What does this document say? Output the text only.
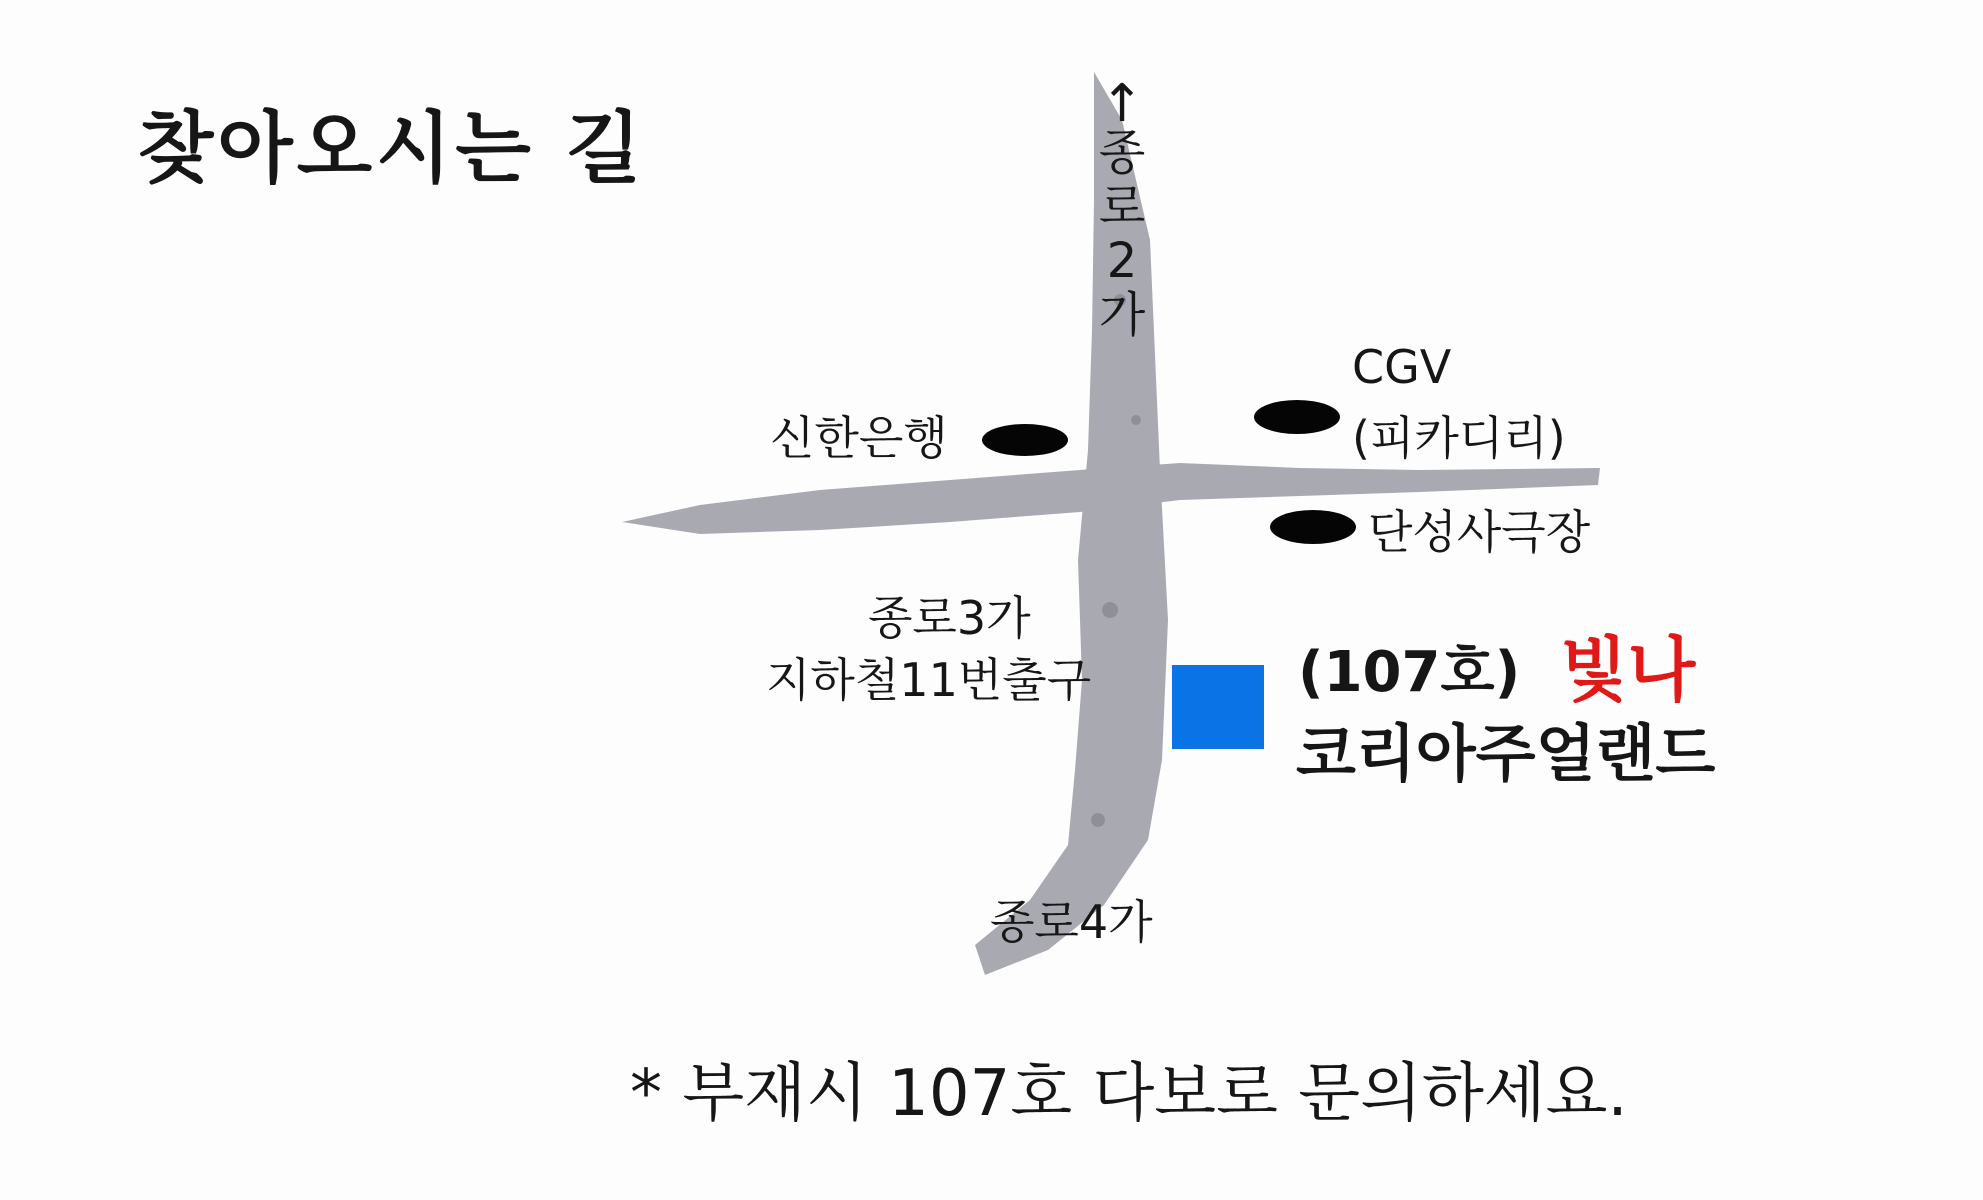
찾아오시는 길	↑
종
로
2
가
신한은행
CGV
(피카디리)
단성사극장
종로3가
지하철11번출구
종로4가
(107호) 빛나
코리아주얼랜드
* 부재시 107호 다보로 문의하세요.
